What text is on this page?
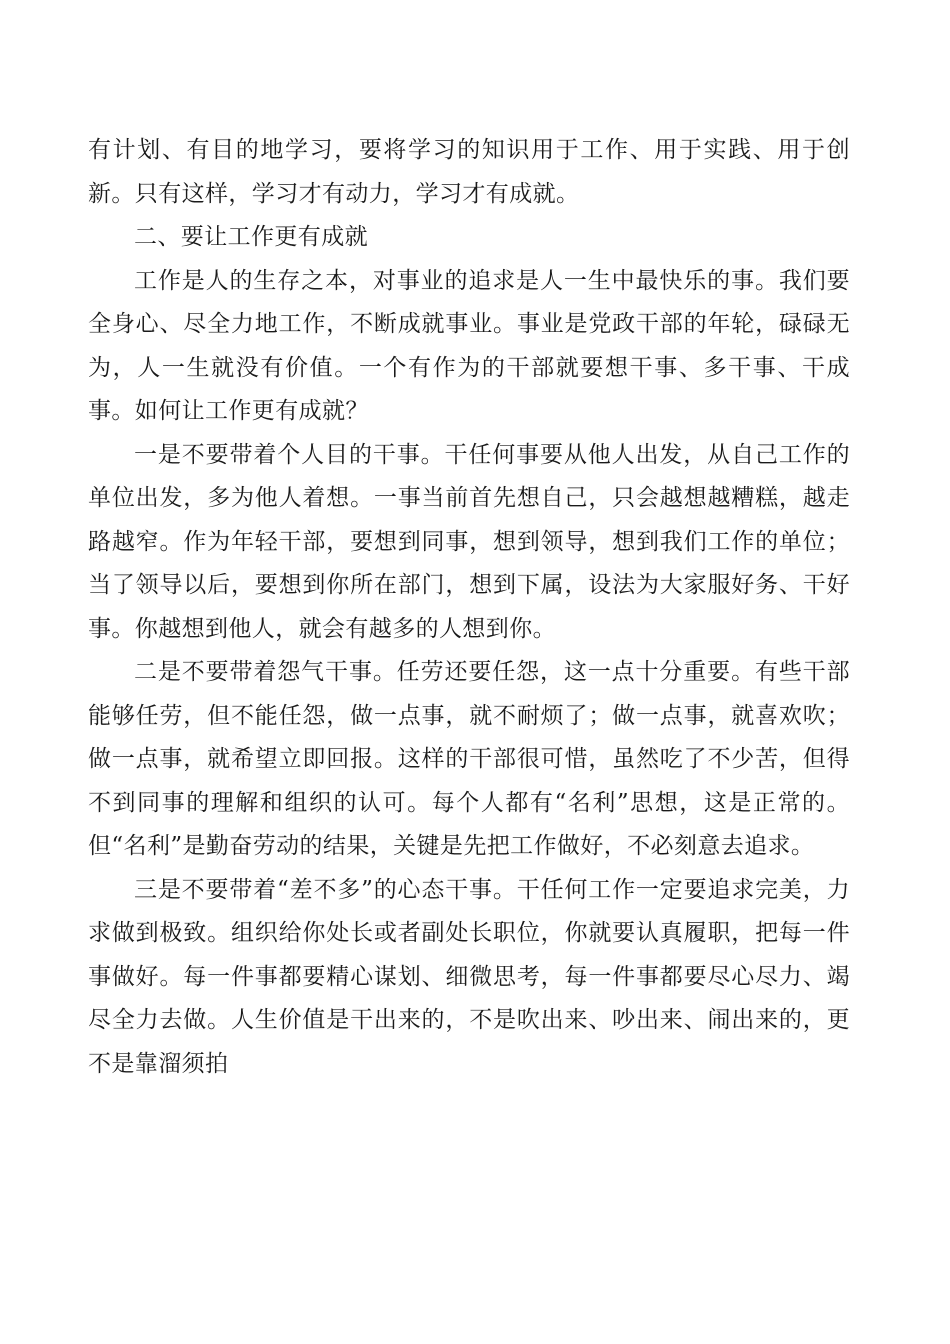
有计划、有目的地学习，要将学习的知识用于工作、用于实践、用于创新。只有这样，学习才有动力，学习才有成就。

二、要让工作更有成就

工作是人的生存之本，对事业的追求是人一生中最快乐的事。我们要全身心、尽全力地工作，不断成就事业。事业是党政干部的年轮，碌碌无为，人一生就没有价值。一个有作为的干部就要想干事、多干事、干成事。如何让工作更有成就？

一是不要带着个人目的干事。干任何事要从他人出发，从自己工作的单位出发，多为他人着想。一事当前首先想自己，只会越想越糟糕，越走路越窄。作为年轻干部，要想到同事，想到领导，想到我们工作的单位；当了领导以后，要想到你所在部门，想到下属，设法为大家服好务、干好事。你越想到他人，就会有越多的人想到你。

二是不要带着怨气干事。任劳还要任怨，这一点十分重要。有些干部能够任劳，但不能任怨，做一点事，就不耐烦了；做一点事，就喜欢吹；做一点事，就希望立即回报。这样的干部很可惜，虽然吃了不少苦，但得不到同事的理解和组织的认可。每个人都有“名利”思想，这是正常的。但“名利”是勤奋劳动的结果，关键是先把工作做好，不必刻意去追求。

三是不要带着“差不多”的心态干事。干任何工作一定要追求完美，力求做到极致。组织给你处长或者副处长职位，你就要认真履职，把每一件事做好。每一件事都要精心谋划、细微思考，每一件事都要尽心尽力、竭尽全力去做。人生价值是干出来的，不是吹出来、吵出来、闹出来的，更不是靠溜须拍
